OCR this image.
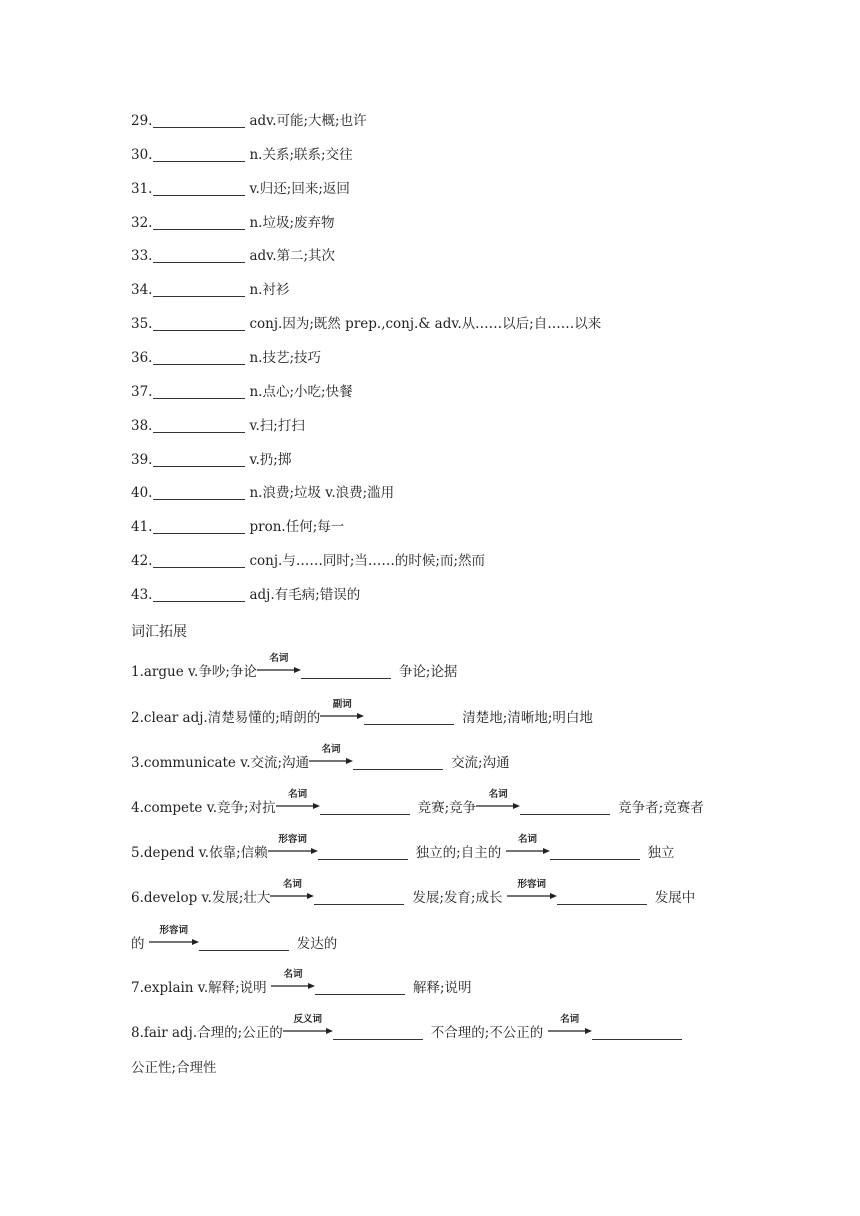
29.	adv.可能;大概;也许
30.	n.关系;联系;交往
31.	v.归还;回来;返回
32.	n.垃圾;废弃物
33.	adv.第二;其次
34.	n.衬衫
35.	conj.因为;既然 prep.,conj.& adv.从……以后;自……以来
36.	n.技艺;技巧
37.	n.点心;小吃;快餐
38.	v.扫;打扫
39.	v.扔;掷
40.	n.浪费;垃圾 v.浪费;滥用
41.	pron.任何;每一
42.	conj.与……同时;当……的时候;而;然而
43.	adj.有毛病;错误的
词汇拓展
1.argue v.争吵;争论
名词
争论;论据
2.clear adj.清楚易懂的;晴朗的
副词
清楚地;清晰地;明白地
3.communicate v.交流;沟通
名词
交流;沟通
4.compete v.竞争;对抗
名词
竞赛;竞争
名词
竞争者;竞赛者
5.depend v.依靠;信赖
形容词
独立的;自主的
名词
独立
6.develop v.发展;壮大
名词
发展;发育;成长
形容词
发展中
的
形容词
发达的
7.explain v.解释;说明
名词
解释;说明
8.fair adj.合理的;公正的
反义词
不合理的;不公正的
名词
公正性;合理性
